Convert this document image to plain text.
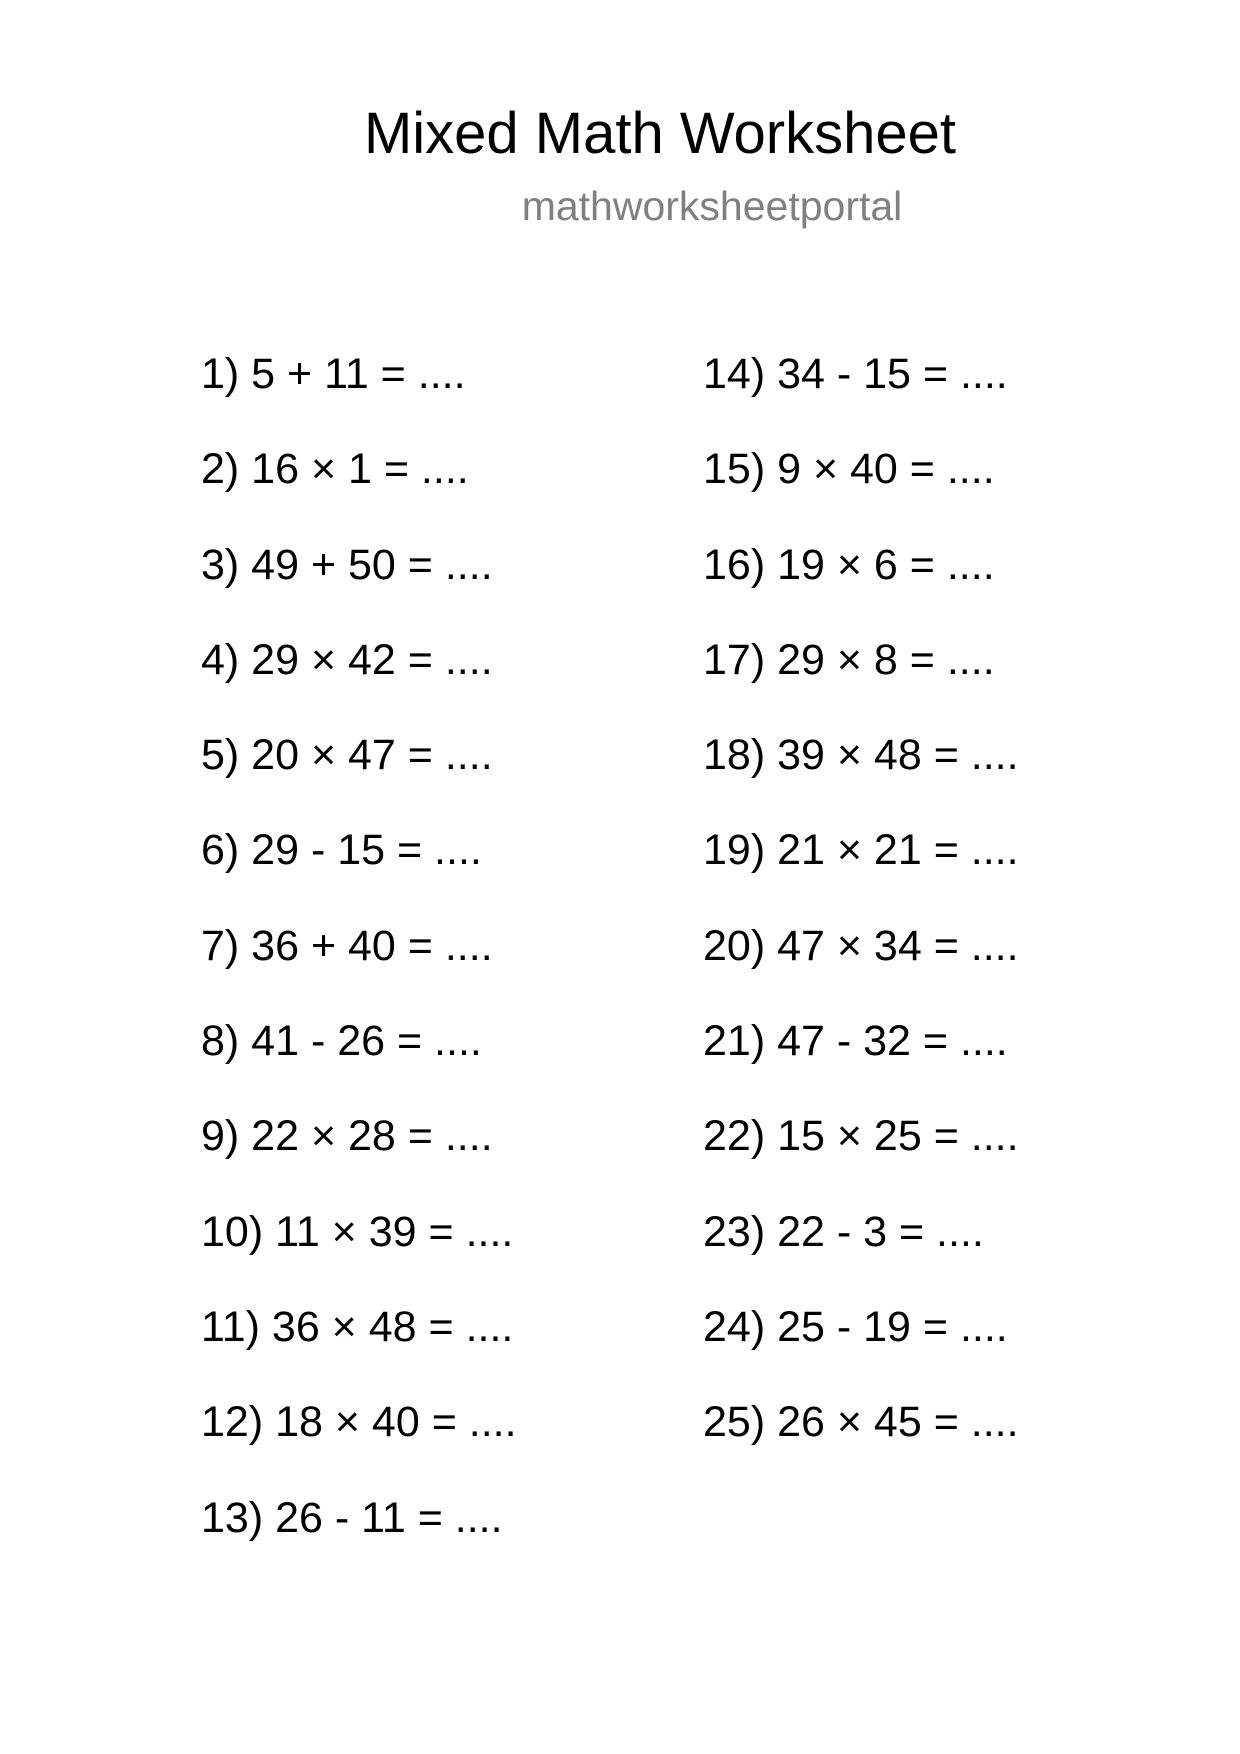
Mixed Math Worksheet
mathworksheetportal
1) 5 + 11 = ....
2) 16 × 1 = ....
3) 49 + 50 = ....
4) 29 × 42 = ....
5) 20 × 47 = ....
6) 29 - 15 = ....
7) 36 + 40 = ....
8) 41 - 26 = ....
9) 22 × 28 = ....
10) 11 × 39 = ....
11) 36 × 48 = ....
12) 18 × 40 = ....
13) 26 - 11 = ....
14) 34 - 15 = ....
15) 9 × 40 = ....
16) 19 × 6 = ....
17) 29 × 8 = ....
18) 39 × 48 = ....
19) 21 × 21 = ....
20) 47 × 34 = ....
21) 47 - 32 = ....
22) 15 × 25 = ....
23) 22 - 3 = ....
24) 25 - 19 = ....
25) 26 × 45 = ....
